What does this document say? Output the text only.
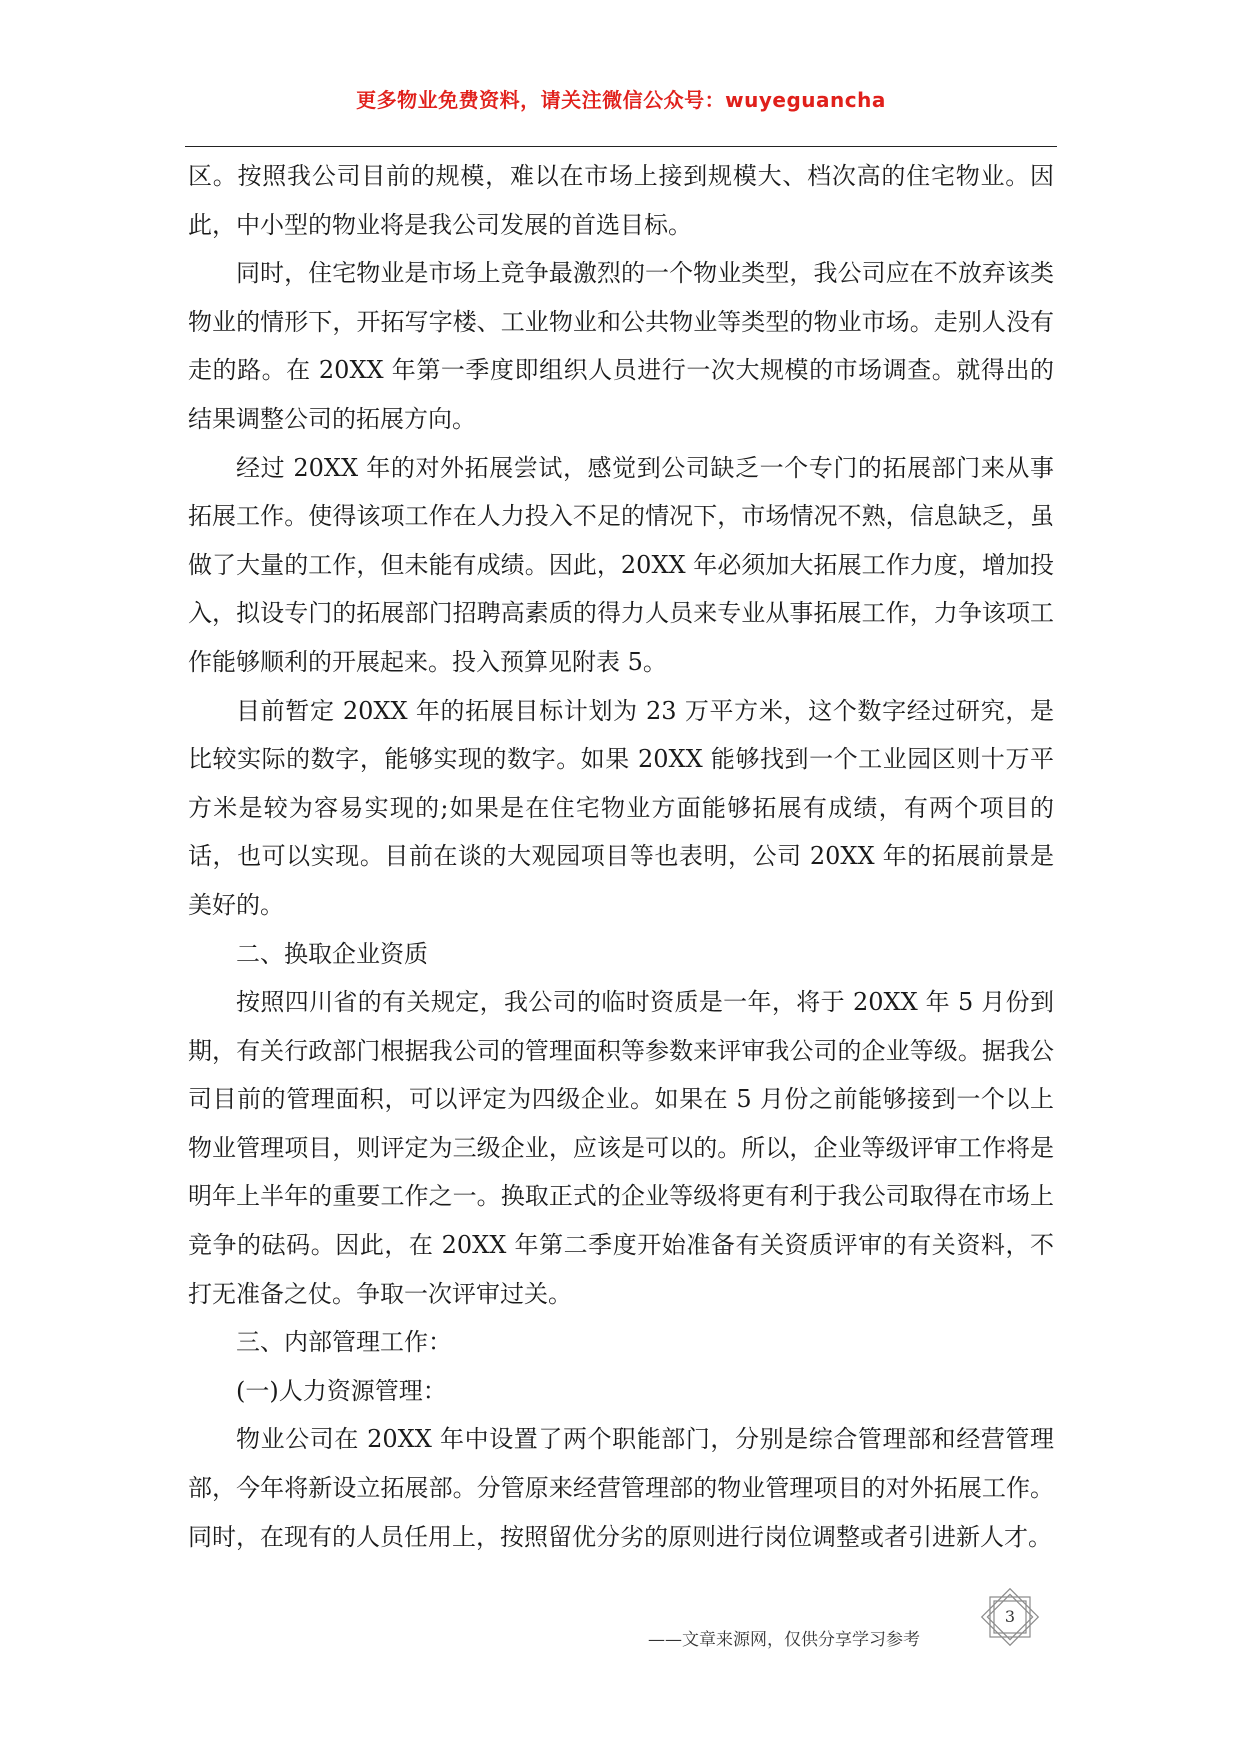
更多物业免费资料，请关注微信公众号：wuyeguancha

区。按照我公司目前的规模，难以在市场上接到规模大、档次高的住宅物业。因此，中小型的物业将是我公司发展的首选目标。

同时，住宅物业是市场上竞争最激烈的一个物业类型，我公司应在不放弃该类物业的情形下，开拓写字楼、工业物业和公共物业等类型的物业市场。走别人没有走的路。在 20XX 年第一季度即组织人员进行一次大规模的市场调查。就得出的结果调整公司的拓展方向。

经过 20XX 年的对外拓展尝试，感觉到公司缺乏一个专门的拓展部门来从事拓展工作。使得该项工作在人力投入不足的情况下，市场情况不熟，信息缺乏，虽做了大量的工作，但未能有成绩。因此，20XX 年必须加大拓展工作力度，增加投入，拟设专门的拓展部门招聘高素质的得力人员来专业从事拓展工作，力争该项工作能够顺利的开展起来。投入预算见附表 5。

目前暂定 20XX 年的拓展目标计划为 23 万平方米，这个数字经过研究，是比较实际的数字，能够实现的数字。如果 20XX 能够找到一个工业园区则十万平方米是较为容易实现的;如果是在住宅物业方面能够拓展有成绩，有两个项目的话，也可以实现。目前在谈的大观园项目等也表明，公司 20XX 年的拓展前景是美好的。

二、换取企业资质

按照四川省的有关规定，我公司的临时资质是一年，将于 20XX 年 5 月份到期，有关行政部门根据我公司的管理面积等参数来评审我公司的企业等级。据我公司目前的管理面积，可以评定为四级企业。如果在 5 月份之前能够接到一个以上物业管理项目，则评定为三级企业，应该是可以的。所以，企业等级评审工作将是明年上半年的重要工作之一。换取正式的企业等级将更有利于我公司取得在市场上竞争的砝码。因此，在 20XX 年第二季度开始准备有关资质评审的有关资料，不打无准备之仗。争取一次评审过关。

三、内部管理工作：

(一)人力资源管理：

物业公司在 20XX 年中设置了两个职能部门，分别是综合管理部和经营管理部，今年将新设立拓展部。分管原来经营管理部的物业管理项目的对外拓展工作。同时，在现有的人员任用上，按照留优分劣的原则进行岗位调整或者引进新人才。

——文章来源网，仅供分享学习参考
3
